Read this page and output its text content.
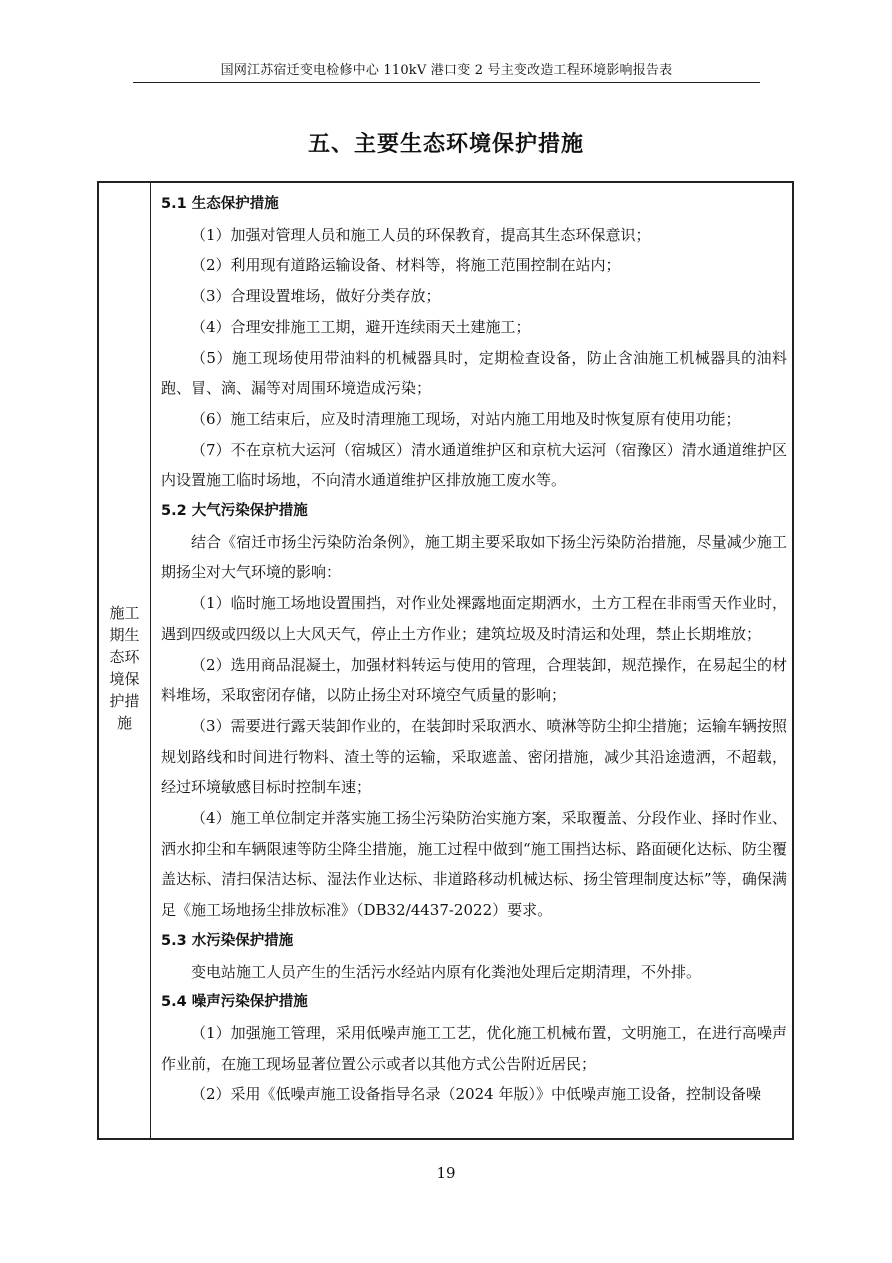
国网江苏宿迁变电检修中心 110kV 港口变 2 号主变改造工程环境影响报告表
五、主要生态环境保护措施
施工期生态环境保护措施

5.1 生态保护措施

（1）加强对管理人员和施工人员的环保教育，提高其生态环保意识；

（2）利用现有道路运输设备、材料等，将施工范围控制在站内；

（3）合理设置堆场，做好分类存放；

（4）合理安排施工工期，避开连续雨天土建施工；

（5）施工现场使用带油料的机械器具时，定期检查设备，防止含油施工机械器具的油料跑、冒、滴、漏等对周围环境造成污染；

（6）施工结束后，应及时清理施工现场，对站内施工用地及时恢复原有使用功能；

（7）不在京杭大运河（宿城区）清水通道维护区和京杭大运河（宿豫区）清水通道维护区内设置施工临时场地，不向清水通道维护区排放施工废水等。

5.2 大气污染保护措施

结合《宿迁市扬尘污染防治条例》，施工期主要采取如下扬尘污染防治措施，尽量减少施工期扬尘对大气环境的影响：

（1）临时施工场地设置围挡，对作业处裸露地面定期洒水，土方工程在非雨雪天作业时，遇到四级或四级以上大风天气，停止土方作业；建筑垃圾及时清运和处理，禁止长期堆放；

（2）选用商品混凝土，加强材料转运与使用的管理，合理装卸，规范操作，在易起尘的材料堆场，采取密闭存储，以防止扬尘对环境空气质量的影响；

（3）需要进行露天装卸作业的，在装卸时采取洒水、喷淋等防尘抑尘措施；运输车辆按照规划路线和时间进行物料、渣土等的运输，采取遮盖、密闭措施，减少其沿途遗洒，不超载，经过环境敏感目标时控制车速；

（4）施工单位制定并落实施工扬尘污染防治实施方案，采取覆盖、分段作业、择时作业、洒水抑尘和车辆限速等防尘降尘措施，施工过程中做到“施工围挡达标、路面硬化达标、防尘覆盖达标、清扫保洁达标、湿法作业达标、非道路移动机械达标、扬尘管理制度达标”等，确保满足《施工场地扬尘排放标准》（DB32/4437-2022）要求。

5.3 水污染保护措施

变电站施工人员产生的生活污水经站内原有化粪池处理后定期清理，不外排。

5.4 噪声污染保护措施

（1）加强施工管理，采用低噪声施工工艺，优化施工机械布置，文明施工，在进行高噪声作业前，在施工现场显著位置公示或者以其他方式公告附近居民；

（2）采用《低噪声施工设备指导名录（2024 年版）》中低噪声施工设备，控制设备噪

19
